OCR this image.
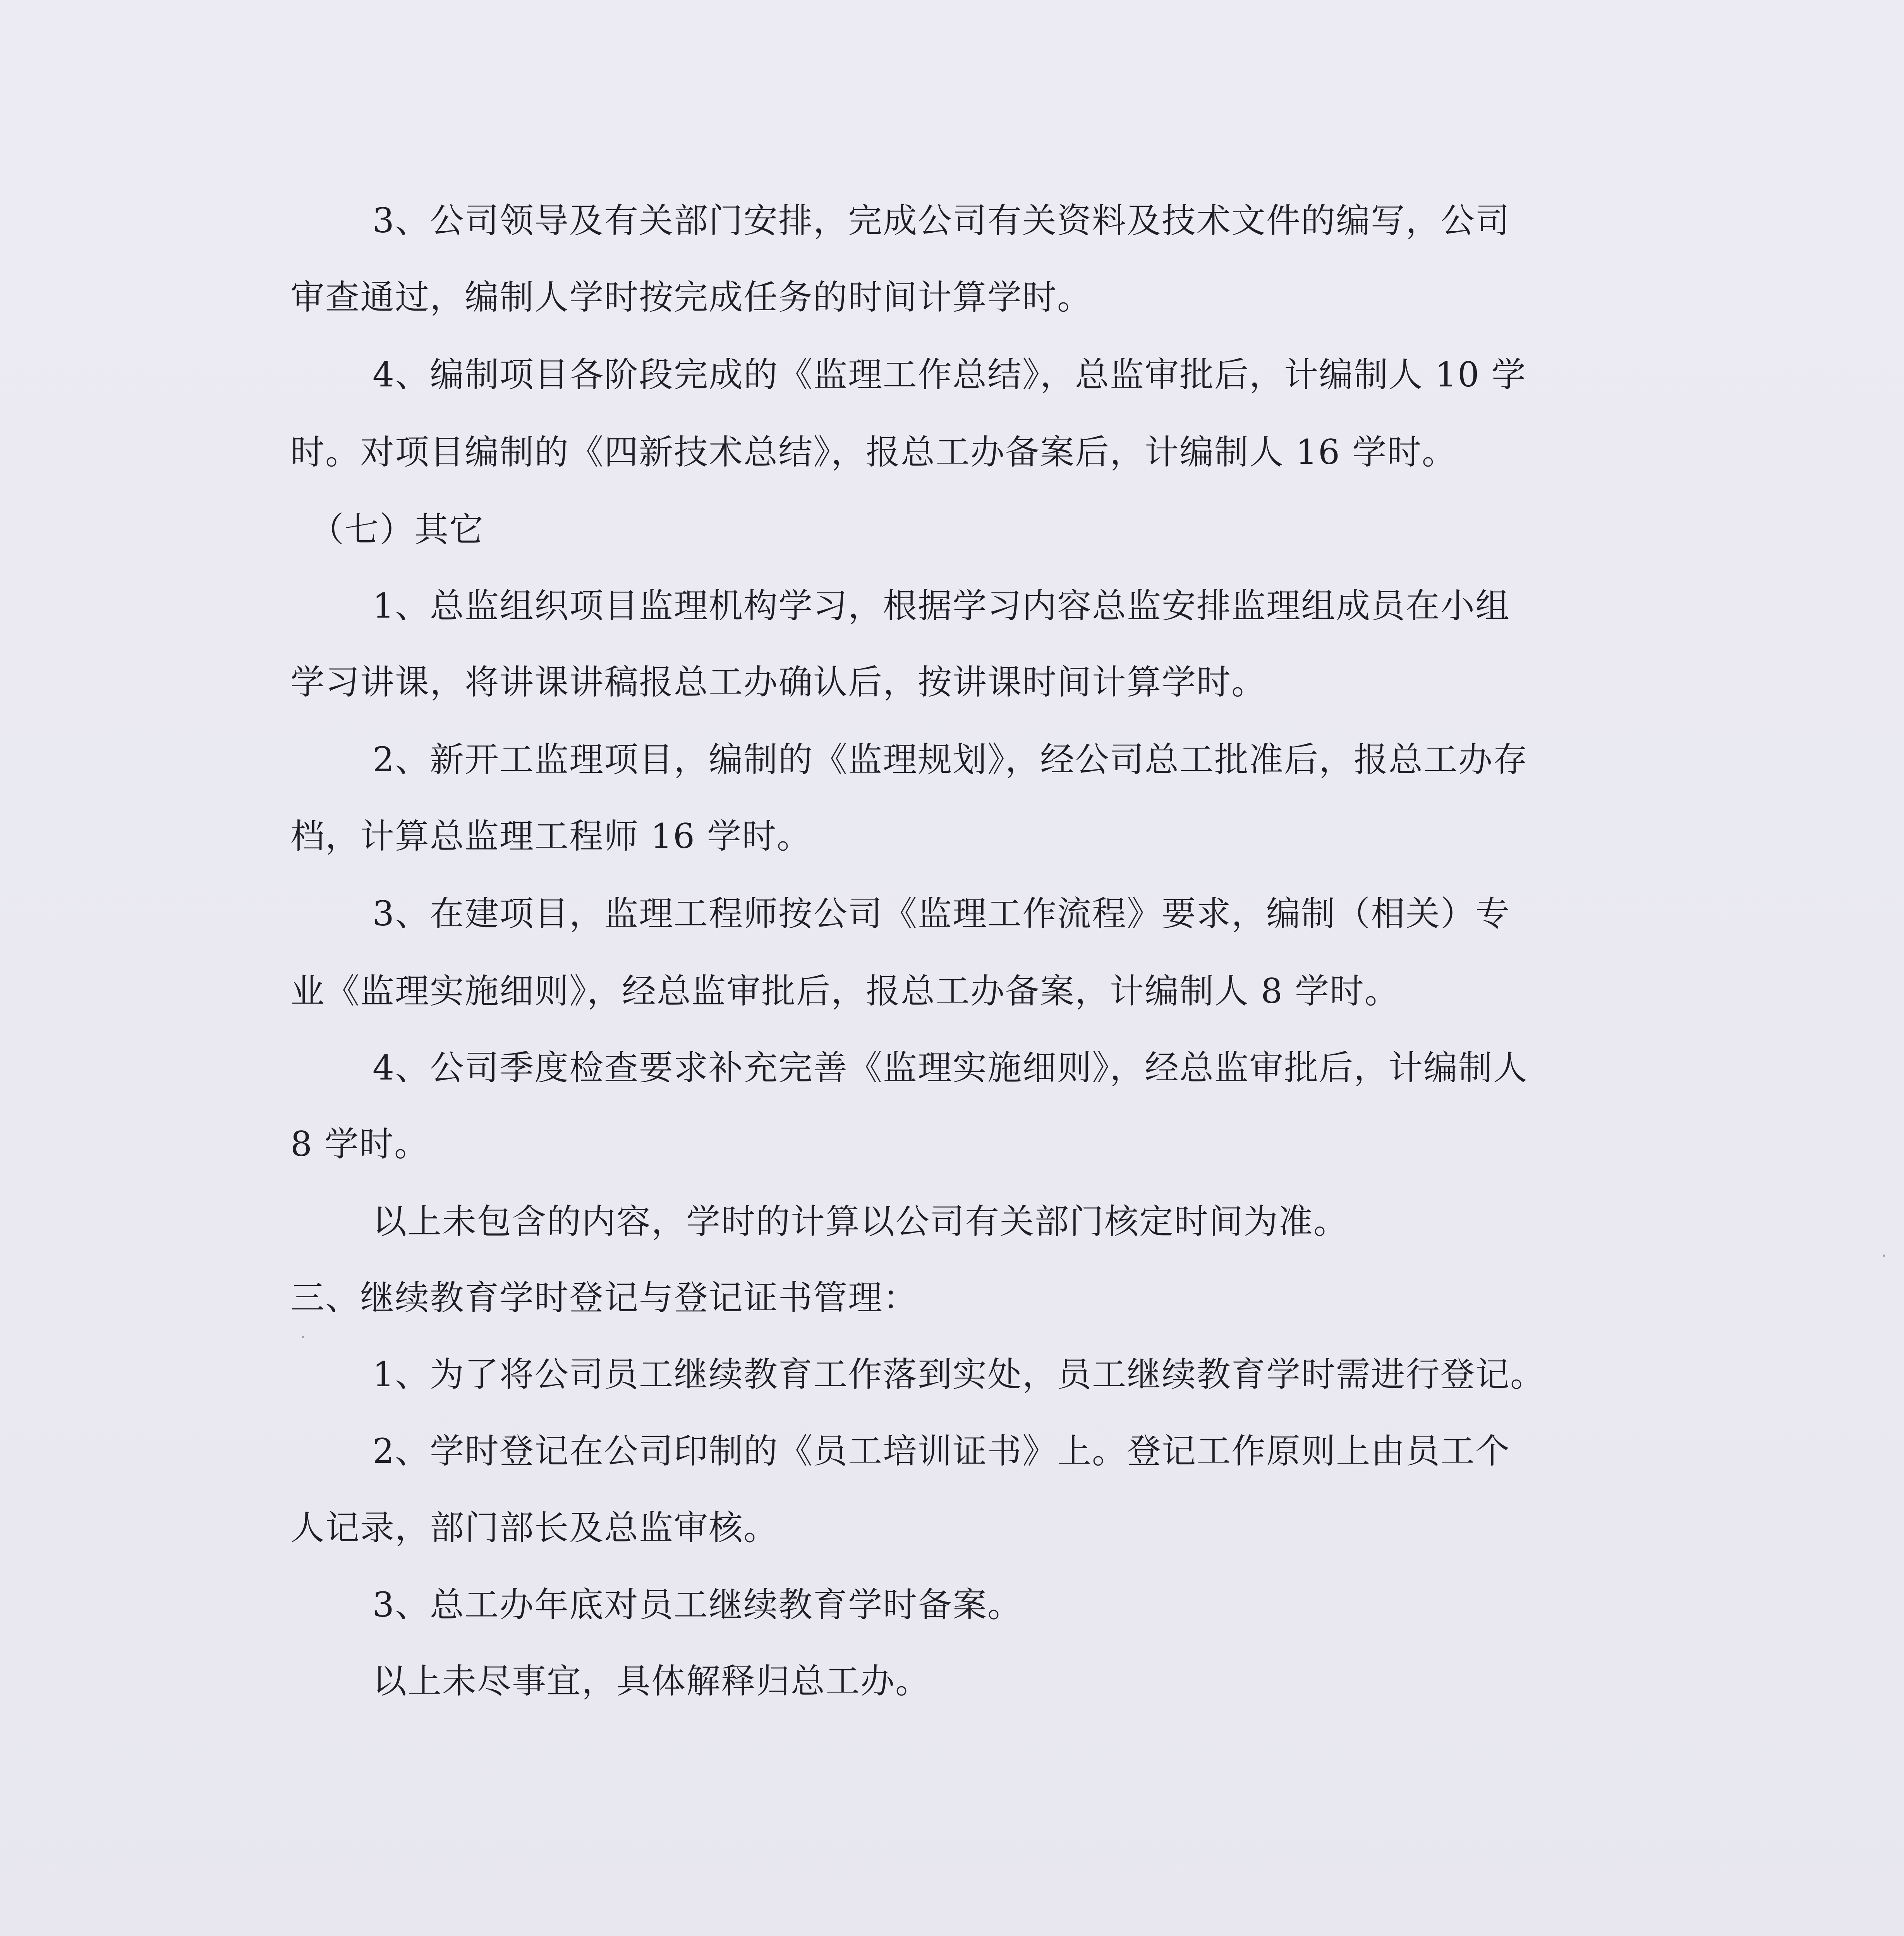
3、公司领导及有关部门安排，完成公司有关资料及技术文件的编写，公司
审查通过，编制人学时按完成任务的时间计算学时。
4、编制项目各阶段完成的《监理工作总结》，总监审批后，计编制人 10 学
时。对项目编制的《四新技术总结》，报总工办备案后，计编制人 16 学时。
（七）其它
1、总监组织项目监理机构学习，根据学习内容总监安排监理组成员在小组
学习讲课，将讲课讲稿报总工办确认后，按讲课时间计算学时。
2、新开工监理项目，编制的《监理规划》，经公司总工批准后，报总工办存
档，计算总监理工程师 16 学时。
3、在建项目，监理工程师按公司《监理工作流程》要求，编制（相关）专
业《监理实施细则》，经总监审批后，报总工办备案，计编制人 8 学时。
4、公司季度检查要求补充完善《监理实施细则》，经总监审批后，计编制人
8 学时。
以上未包含的内容，学时的计算以公司有关部门核定时间为准。
三、继续教育学时登记与登记证书管理：
1、为了将公司员工继续教育工作落到实处，员工继续教育学时需进行登记。
2、学时登记在公司印制的《员工培训证书》上。登记工作原则上由员工个
人记录，部门部长及总监审核。
3、总工办年底对员工继续教育学时备案。
以上未尽事宜，具体解释归总工办。
